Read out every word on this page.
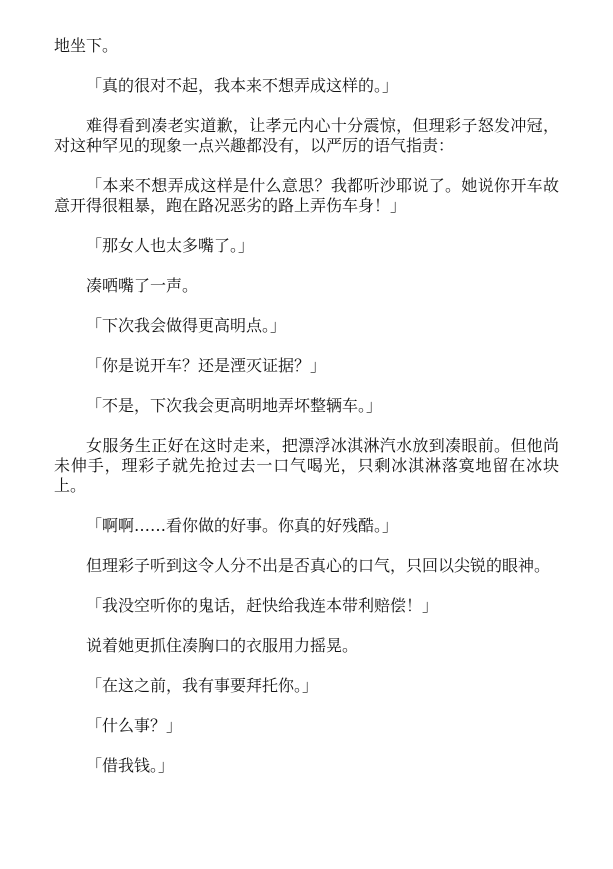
地坐下。

「真的很对不起，我本来不想弄成这样的。」

难得看到凑老实道歉，让孝元内心十分震惊，但理彩子怒发冲冠，对这种罕见的现象一点兴趣都没有，以严厉的语气指责：

「本来不想弄成这样是什么意思？我都听沙耶说了。她说你开车故意开得很粗暴，跑在路况恶劣的路上弄伤车身！」

「那女人也太多嘴了。」

凑哂嘴了一声。

「下次我会做得更高明点。」

「你是说开车？还是湮灭证据？」

「不是，下次我会更高明地弄坏整辆车。」

女服务生正好在这时走来，把漂浮冰淇淋汽水放到凑眼前。但他尚未伸手，理彩子就先抢过去一口气喝光，只剩冰淇淋落寞地留在冰块上。

「啊啊……看你做的好事。你真的好残酷。」

但理彩子听到这令人分不出是否真心的口气，只回以尖锐的眼神。

「我没空听你的鬼话，赶快给我连本带利赔偿！」

说着她更抓住凑胸口的衣服用力摇晃。

「在这之前，我有事要拜托你。」

「什么事？」

「借我钱。」
